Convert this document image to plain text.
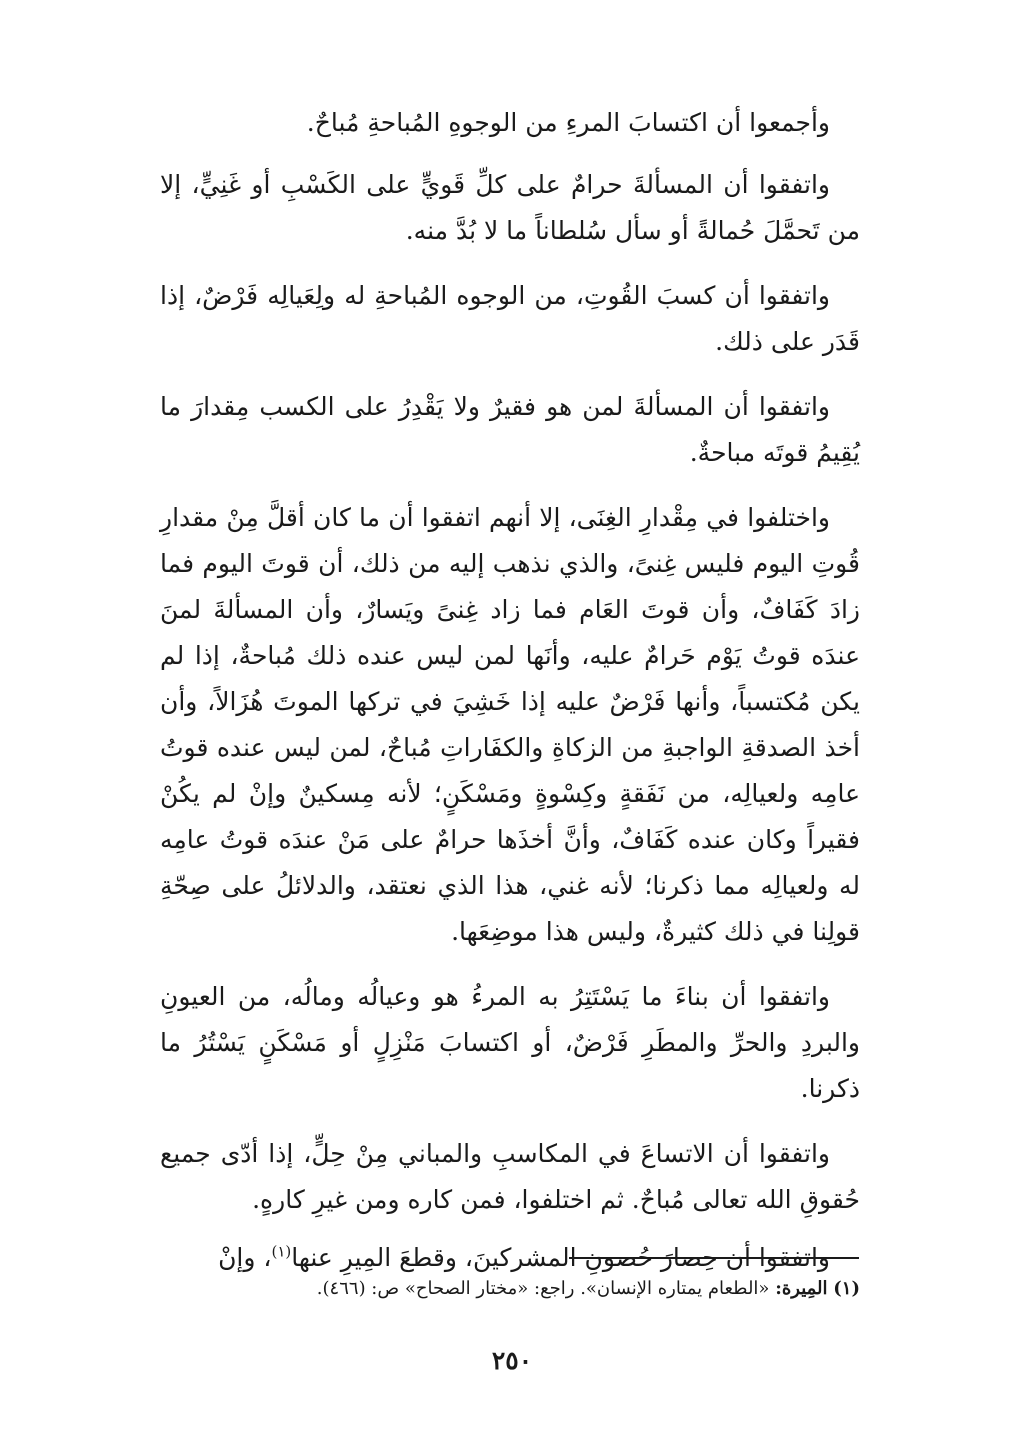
وأجمعوا أن اكتسابَ المرءِ من الوجوهِ المُباحةِ مُباحٌ.

واتفقوا أن المسألةَ حرامٌ على كلِّ قَويٍّ على الكَسْبِ أو غَنِيٍّ، إلا من تَحمَّلَ حُمالةً أو سأل سُلطاناً ما لا بُدَّ منه.

واتفقوا أن كسبَ القُوتِ، من الوجوه المُباحةِ له ولِعَيالِه فَرْضٌ، إذا قَدَر على ذلك.

واتفقوا أن المسألةَ لمن هو فقيرٌ ولا يَقْدِرُ على الكسب مِقدارَ ما يُقِيمُ قوتَه مباحةٌ.

واختلفوا في مِقْدارِ الغِنَى، إلا أنهم اتفقوا أن ما كان أقلَّ مِنْ مقدارِ قُوتِ اليوم فليس غِنىً، والذي نذهب إليه من ذلك، أن قوتَ اليوم فما زادَ كَفَافٌ، وأن قوتَ العَام فما زاد غِنىً ويَسارٌ، وأن المسألةَ لمنَ عندَه قوتُ يَوْم حَرامٌ عليه، وأنَها لمن ليس عنده ذلك مُباحةٌ، إذا لم يكن مُكتسباً، وأنها فَرْضٌ عليه إذا خَشِيَ في تركها الموتَ هُزَالاً، وأن أخذ الصدقةِ الواجبةِ من الزكاةِ والكفَاراتِ مُباحٌ، لمن ليس عنده قوتُ عامِه ولعيالِه، من نَفَقةٍ وكِسْوةٍ ومَسْكَنٍ؛ لأنه مِسكينٌ وإنْ لم يكُنْ فقيراً وكان عنده كَفَافٌ، وأنَّ أخذَها حرامٌ على مَنْ عندَه قوتُ عامِه له ولعيالِه مما ذكرنا؛ لأنه غني، هذا الذي نعتقد، والدلائلُ على صِحّةِ قولِنا في ذلك كثيرةٌ، وليس هذا موضِعَها.

واتفقوا أن بناءَ ما يَسْتَتِرُ به المرءُ هو وعيالُه ومالُه، من العيونِ والبردِ والحرِّ والمطَرِ فَرْضٌ، أو اكتسابَ مَنْزِلٍ أو مَسْكَنٍ يَسْتُرُ ما ذكرنا.

واتفقوا أن الاتساعَ في المكاسبِ والمباني مِنْ حِلٍّ، إذا أدّى جميع حُقوقِ الله تعالى مُباحٌ. ثم اختلفوا، فمن كاره ومن غيرِ كارهٍ.

واتفقوا أن حِصارَ حُصونِ المشركينَ، وقطعَ المِيرِ عنها$^{(١)}$، وإنْ

(١) المِيرة: «الطعام يمتاره الإنسان». راجع: «مختار الصحاح» ص: (٤٦٦).
٢٥٠
